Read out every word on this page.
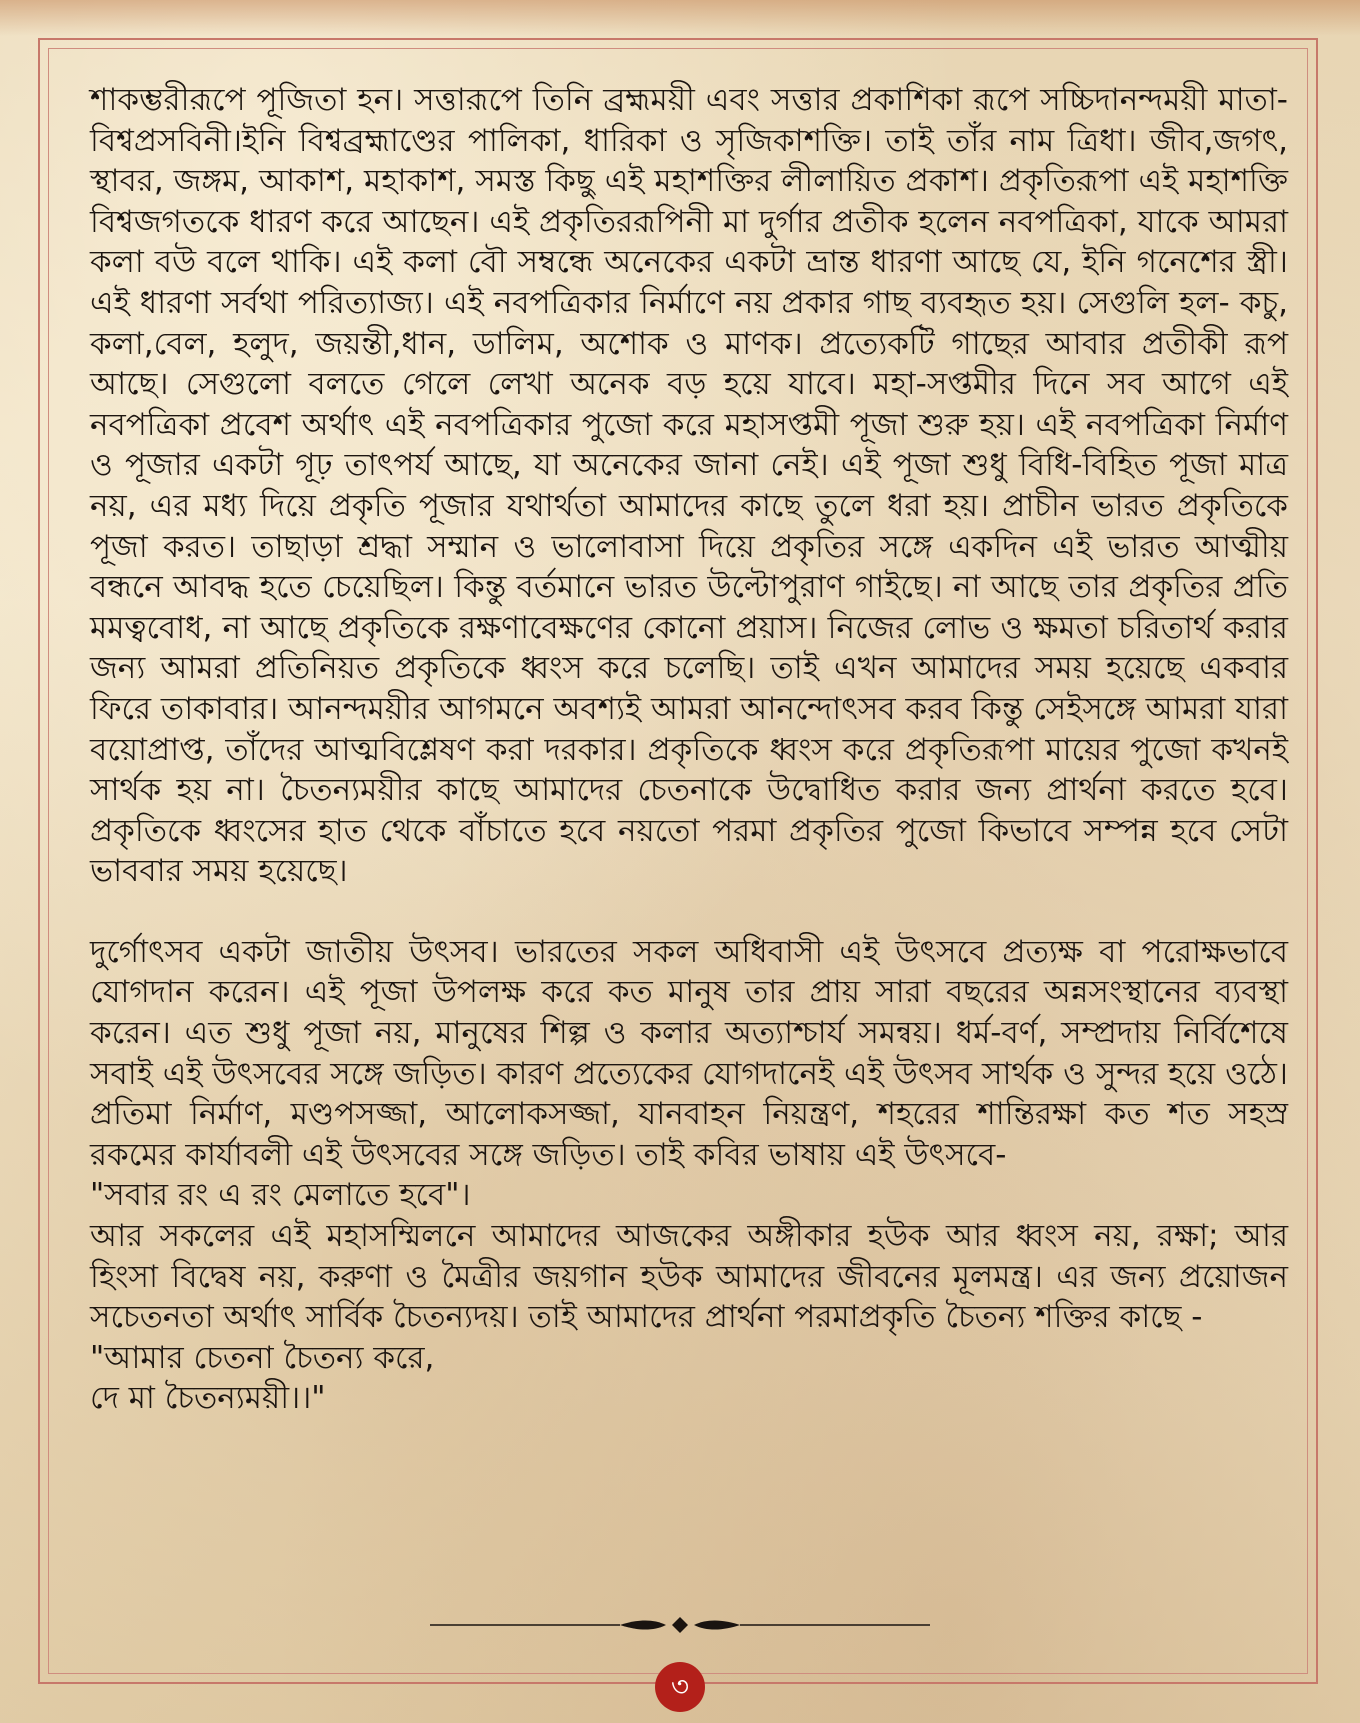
শাকম্ভরীরূপে পূজিতা হন। সত্তারূপে তিনি ব্রহ্মময়ী এবং সত্তার প্রকাশিকা রূপে সচ্চিদানন্দময়ী মাতা-বিশ্বপ্রসবিনী।ইনি বিশ্বব্রহ্মাণ্ডের পালিকা, ধারিকা ও সৃজিকাশক্তি। তাই তাঁর নাম ত্রিধা। জীব,জগৎ, স্থাবর, জঙ্গম, আকাশ, মহাকাশ, সমস্ত কিছু এই মহাশক্তির লীলায়িত প্রকাশ। প্রকৃতিরূপা এই মহাশক্তি বিশ্বজগতকে ধারণ করে আছেন। এই প্রকৃতিররূপিনী মা দুর্গার প্রতীক হলেন নবপত্রিকা, যাকে আমরা কলা বউ বলে থাকি। এই কলা বৌ সম্বন্ধে অনেকের একটা ভ্রান্ত ধারণা আছে যে, ইনি গনেশের স্ত্রী। এই ধারণা সর্বথা পরিত্যাজ্য। এই নবপত্রিকার নির্মাণে নয় প্রকার গাছ ব্যবহৃত হয়। সেগুলি হল- কচু, কলা,বেল, হলুদ, জয়ন্তী,ধান, ডালিম, অশোক ও মাণক। প্রত্যেকটি গাছের আবার প্রতীকী রূপ আছে। সেগুলো বলতে গেলে লেখা অনেক বড় হয়ে যাবে। মহা-সপ্তমীর দিনে সব আগে এই নবপত্রিকা প্রবেশ অর্থাৎ এই নবপত্রিকার পুজো করে মহাসপ্তমী পূজা শুরু হয়। এই নবপত্রিকা নির্মাণ ও পূজার একটা গূঢ় তাৎপর্য আছে, যা অনেকের জানা নেই। এই পূজা শুধু বিধি-বিহিত পূজা মাত্র নয়, এর মধ্য দিয়ে প্রকৃতি পূজার যথার্থতা আমাদের কাছে তুলে ধরা হয়। প্রাচীন ভারত প্রকৃতিকে পূজা করত। তাছাড়া শ্রদ্ধা সম্মান ও ভালোবাসা দিয়ে প্রকৃতির সঙ্গে একদিন এই ভারত আত্মীয় বন্ধনে আবদ্ধ হতে চেয়েছিল। কিন্তু বর্তমানে ভারত উল্টোপুরাণ গাইছে। না আছে তার প্রকৃতির প্রতি মমত্ববোধ, না আছে প্রকৃতিকে রক্ষণাবেক্ষণের কোনো প্রয়াস। নিজের লোভ ও ক্ষমতা চরিতার্থ করার জন্য আমরা প্রতিনিয়ত প্রকৃতিকে ধ্বংস করে চলেছি। তাই এখন আমাদের সময় হয়েছে একবার ফিরে তাকাবার। আনন্দময়ীর আগমনে অবশ্যই আমরা আনন্দোৎসব করব কিন্তু সেইসঙ্গে আমরা যারা বয়োপ্রাপ্ত, তাঁদের আত্মবিশ্লেষণ করা দরকার। প্রকৃতিকে ধ্বংস করে প্রকৃতিরূপা মায়ের পুজো কখনই সার্থক হয় না। চৈতন্যময়ীর কাছে আমাদের চেতনাকে উদ্বোধিত করার জন্য প্রার্থনা করতে হবে। প্রকৃতিকে ধ্বংসের হাত থেকে বাঁচাতে হবে নয়তো পরমা প্রকৃতির পুজো কিভাবে সম্পন্ন হবে সেটা ভাববার সময় হয়েছে।

দুর্গোৎসব একটা জাতীয় উৎসব। ভারতের সকল অধিবাসী এই উৎসবে প্রত্যক্ষ বা পরোক্ষভাবে যোগদান করেন। এই পূজা উপলক্ষ করে কত মানুষ তার প্রায় সারা বছরের অন্নসংস্থানের ব্যবস্থা করেন। এত শুধু পূজা নয়, মানুষের শিল্প ও কলার অত্যাশ্চার্য সমন্বয়। ধর্ম-বর্ণ, সম্প্রদায় নির্বিশেষে সবাই এই উৎসবের সঙ্গে জড়িত। কারণ প্রত্যেকের যোগদানেই এই উৎসব সার্থক ও সুন্দর হয়ে ওঠে। প্রতিমা নির্মাণ, মণ্ডপসজ্জা, আলোকসজ্জা, যানবাহন নিয়ন্ত্রণ, শহরের শান্তিরক্ষা কত শত সহস্র রকমের কার্যাবলী এই উৎসবের সঙ্গে জড়িত। তাই কবির ভাষায় এই উৎসবে-

"সবার রং এ রং মেলাতে হবে"।

আর সকলের এই মহাসম্মিলনে আমাদের আজকের অঙ্গীকার হউক আর ধ্বংস নয়, রক্ষা; আর হিংসা বিদ্বেষ নয়, করুণা ও মৈত্রীর জয়গান হউক আমাদের জীবনের মূলমন্ত্র। এর জন্য প্রয়োজন সচেতনতা অর্থাৎ সার্বিক চৈতন্যদয়। তাই আমাদের প্রার্থনা পরমাপ্রকৃতি চৈতন্য শক্তির কাছে -

"আমার চেতনা চৈতন্য করে,

দে মা চৈতন্যময়ী।।"

৩
